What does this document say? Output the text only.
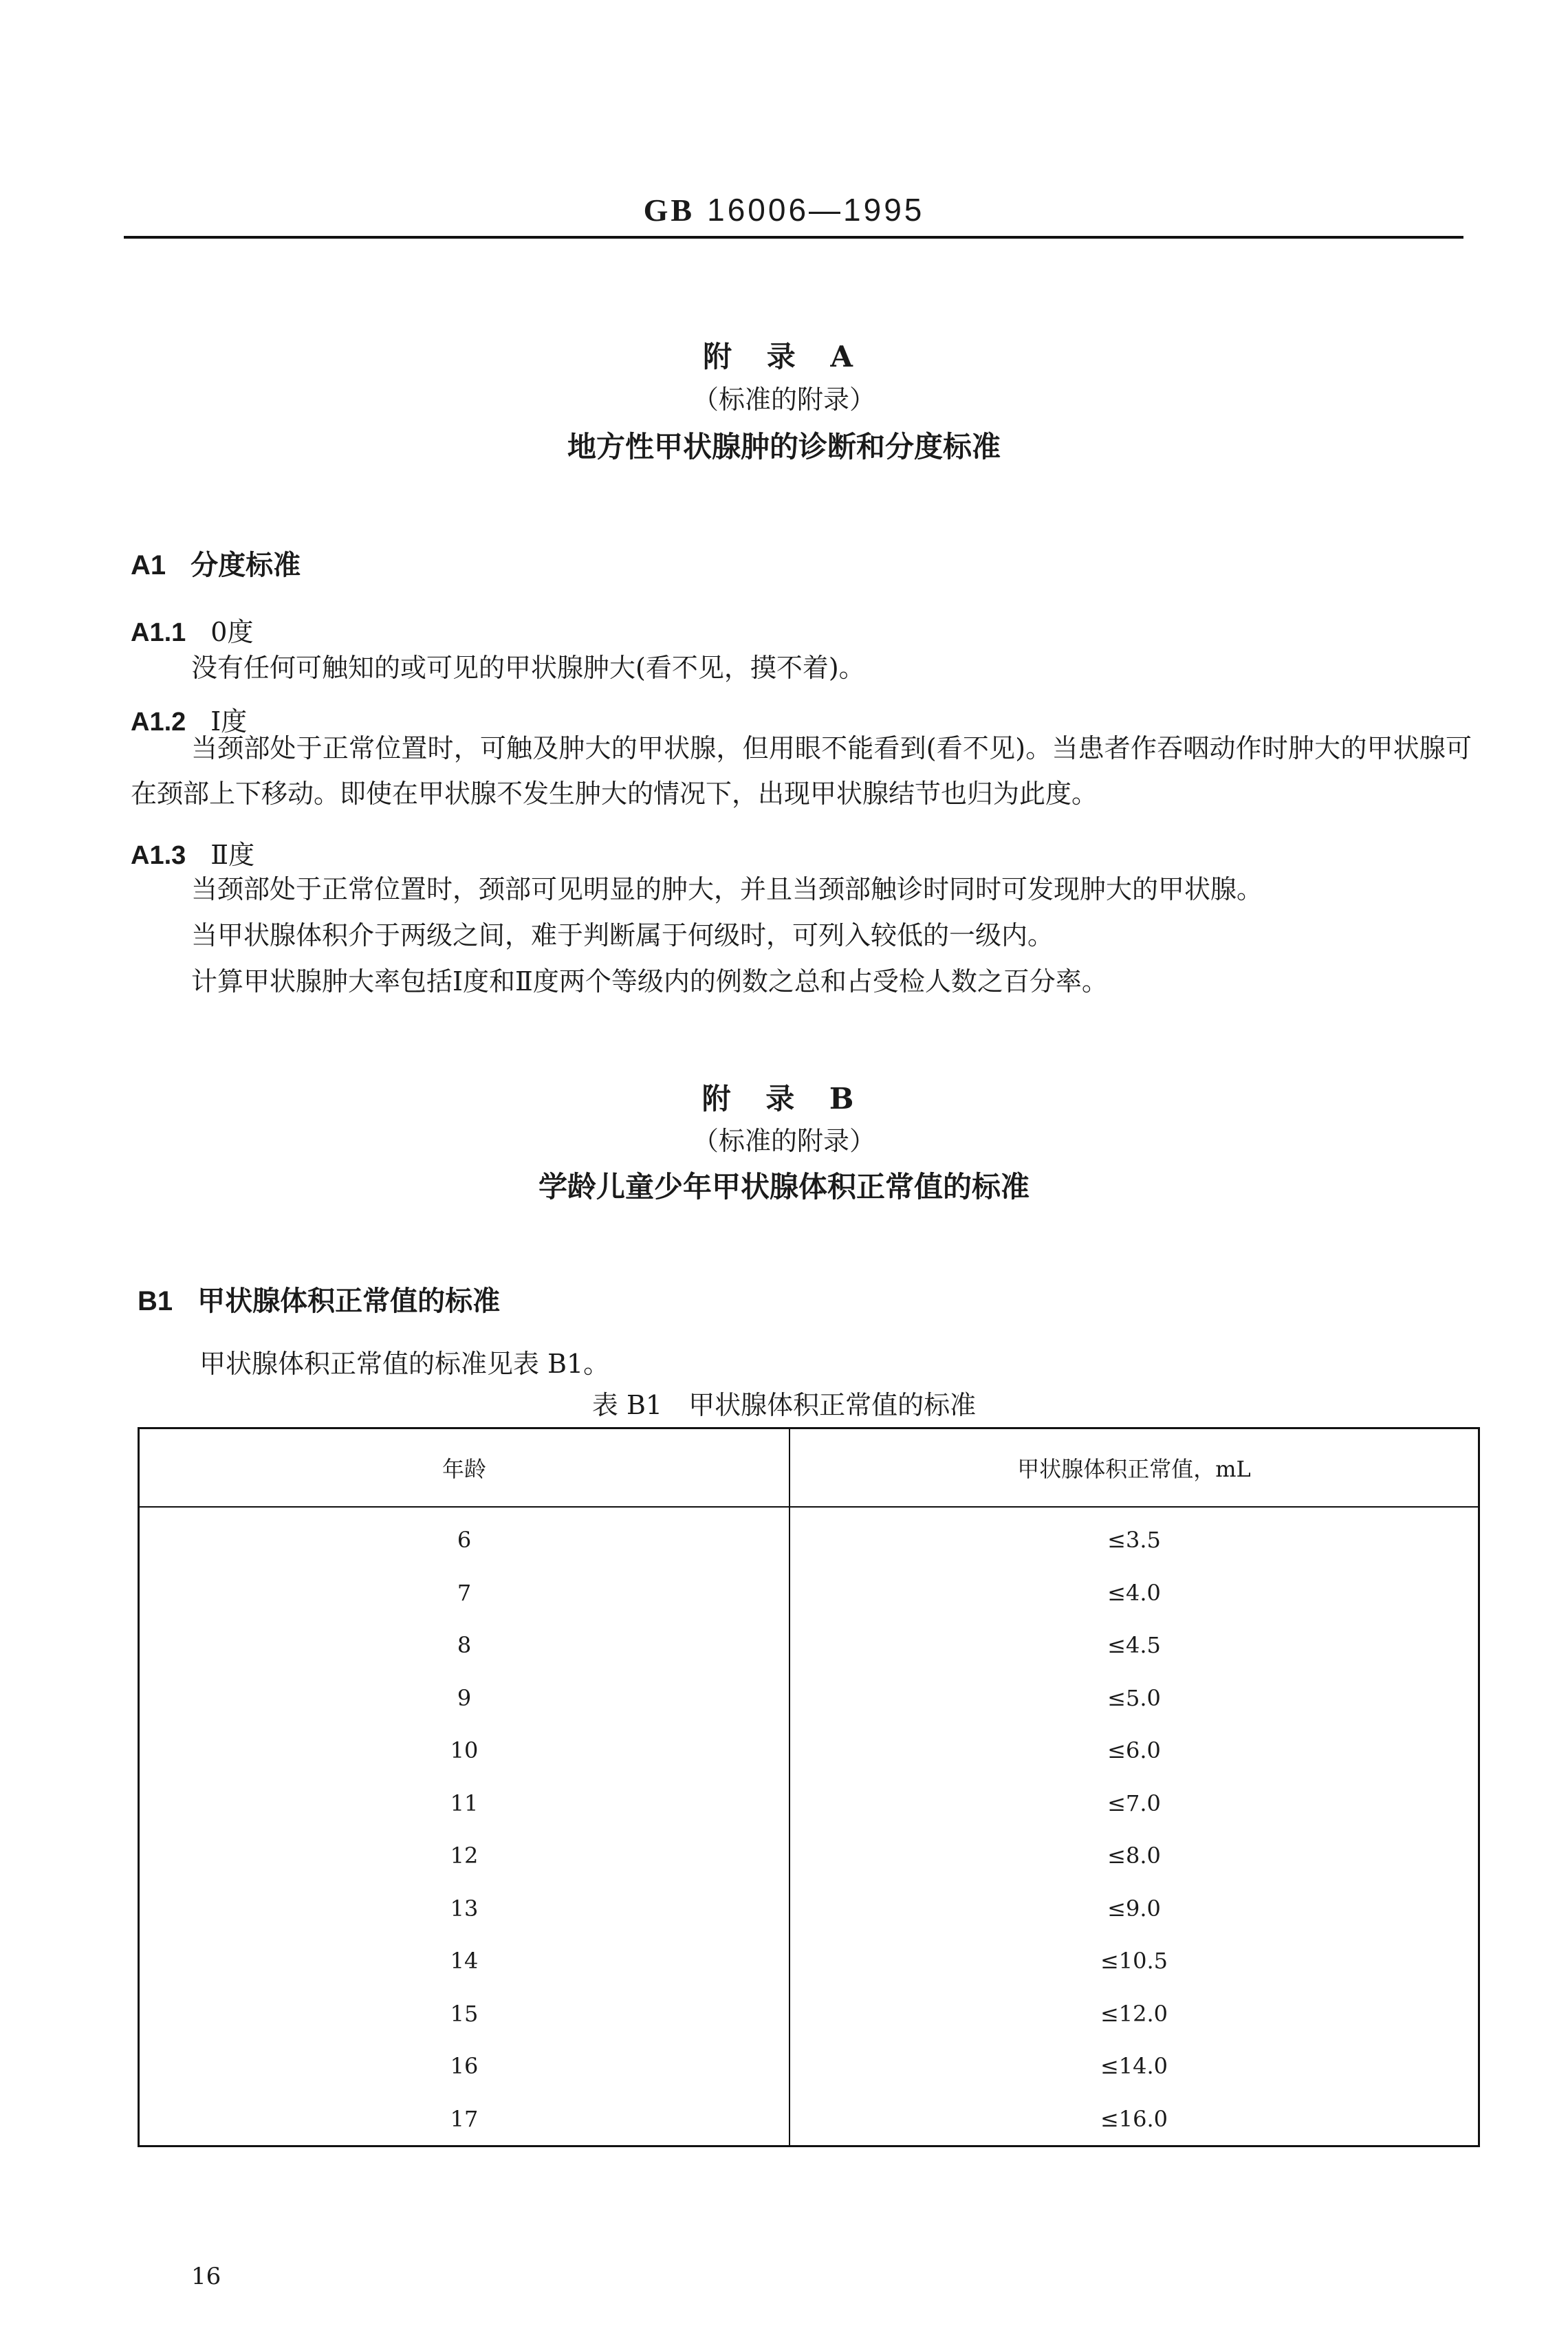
GB 16006—1995
附 录 A
（标准的附录）
地方性甲状腺肿的诊断和分度标准
A1 分度标准
A1.1 0度
没有任何可触知的或可见的甲状腺肿大(看不见，摸不着)。
A1.2 Ⅰ度
当颈部处于正常位置时，可触及肿大的甲状腺，但用眼不能看到(看不见)。当患者作吞咽动作时肿大的甲状腺可在颈部上下移动。即使在甲状腺不发生肿大的情况下，出现甲状腺结节也归为此度。
A1.3 Ⅱ度
当颈部处于正常位置时，颈部可见明显的肿大，并且当颈部触诊时同时可发现肿大的甲状腺。
当甲状腺体积介于两级之间，难于判断属于何级时，可列入较低的一级内。
计算甲状腺肿大率包括Ⅰ度和Ⅱ度两个等级内的例数之总和占受检人数之百分率。
附 录 B
（标准的附录）
学龄儿童少年甲状腺体积正常值的标准
B1 甲状腺体积正常值的标准
甲状腺体积正常值的标准见表 B1。
表 B1　甲状腺体积正常值的标准
年龄	甲状腺体积正常值，mL
6	≤3.5
7	≤4.0
8	≤4.5
9	≤5.0
10	≤6.0
11	≤7.0
12	≤8.0
13	≤9.0
14	≤10.5
15	≤12.0
16	≤14.0
17	≤16.0
16
